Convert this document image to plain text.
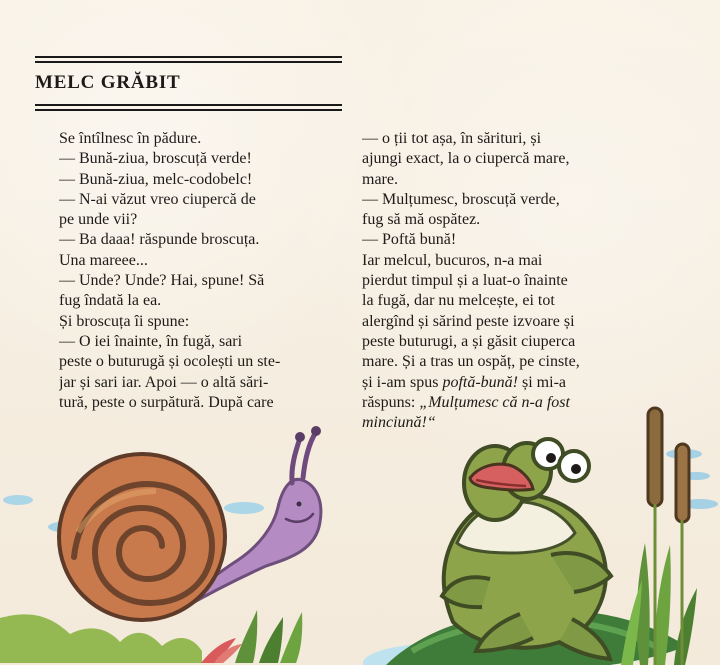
MELC GRĂBIT
Se întîlnesc în pădure.
— Bună-ziua, broscuță verde!
— Bună-ziua, melc-codobelc!
— N-ai văzut vreo ciupercă de
pe unde vii?
— Ba daaa! răspunde broscuța.
Una mareee...
— Unde? Unde? Hai, spune! Să
fug îndată la ea.
Și broscuța îi spune:
— O iei înainte, în fugă, sari
peste o buturugă și ocolești un ste-
jar și sari iar. Apoi — o altă sări-
tură, peste o surpătură. După care
— o ții tot așa, în sărituri, și
ajungi exact, la o ciupercă mare,
mare.
— Mulțumesc, broscuță verde,
fug să mă ospătez.
— Poftă bună!
Iar melcul, bucuros, n-a mai
pierdut timpul și a luat-o înainte
la fugă, dar nu melcește, ei tot
alergînd și sărind peste izvoare și
peste buturugi, a și găsit ciuperca
mare. Și a tras un ospăț, pe cinste,
și i-am spus poftă-bună! și mi-a
răspuns: „Mulțumesc că n-a fost
minciună!“
